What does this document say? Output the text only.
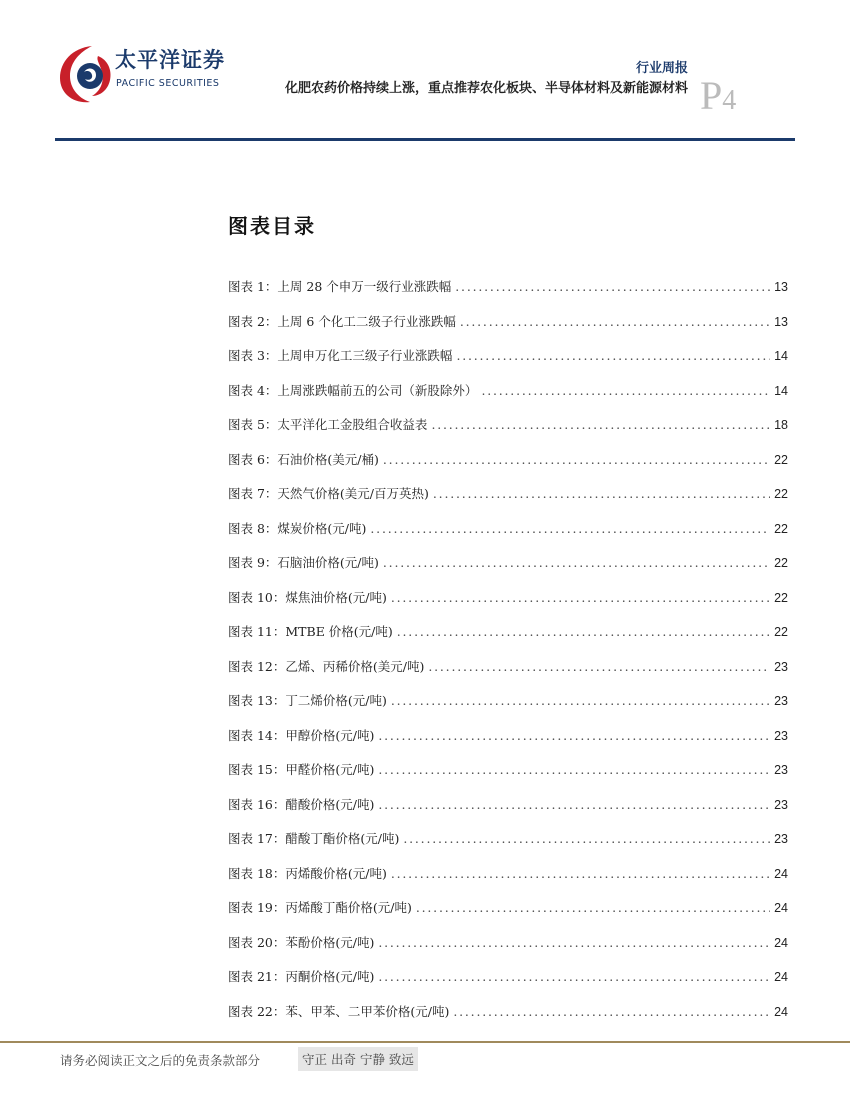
太平洋证券
PACIFIC SECURITIES
行业周报
化肥农药价格持续上涨，重点推荐农化板块、半导体材料及新能源材料 P4
图表目录
图表 1：上周 28 个申万一级行业涨跌幅 .....	13
图表 2：上周 6 个化工二级子行业涨跌幅 .....	13
图表 3：上周申万化工三级子行业涨跌幅 .....	14
图表 4：上周涨跌幅前五的公司（新股除外） .....	14
图表 5：太平洋化工金股组合收益表 .....	18
图表 6：石油价格(美元/桶) .....	22
图表 7：天然气价格(美元/百万英热) .....	22
图表 8：煤炭价格(元/吨) .....	22
图表 9：石脑油价格(元/吨) .....	22
图表 10：煤焦油价格(元/吨) .....	22
图表 11：MTBE 价格(元/吨) .....	22
图表 12：乙烯、丙稀价格(美元/吨) .....	23
图表 13：丁二烯价格(元/吨) .....	23
图表 14：甲醇价格(元/吨) .....	23
图表 15：甲醛价格(元/吨) .....	23
图表 16：醋酸价格(元/吨) .....	23
图表 17：醋酸丁酯价格(元/吨) .....	23
图表 18：丙烯酸价格(元/吨) .....	24
图表 19：丙烯酸丁酯价格(元/吨) .....	24
图表 20：苯酚价格(元/吨) .....	24
图表 21：丙酮价格(元/吨) .....	24
图表 22：苯、甲苯、二甲苯价格(元/吨) .....	24
请务必阅读正文之后的免责条款部分	守正 出奇 宁静 致远
